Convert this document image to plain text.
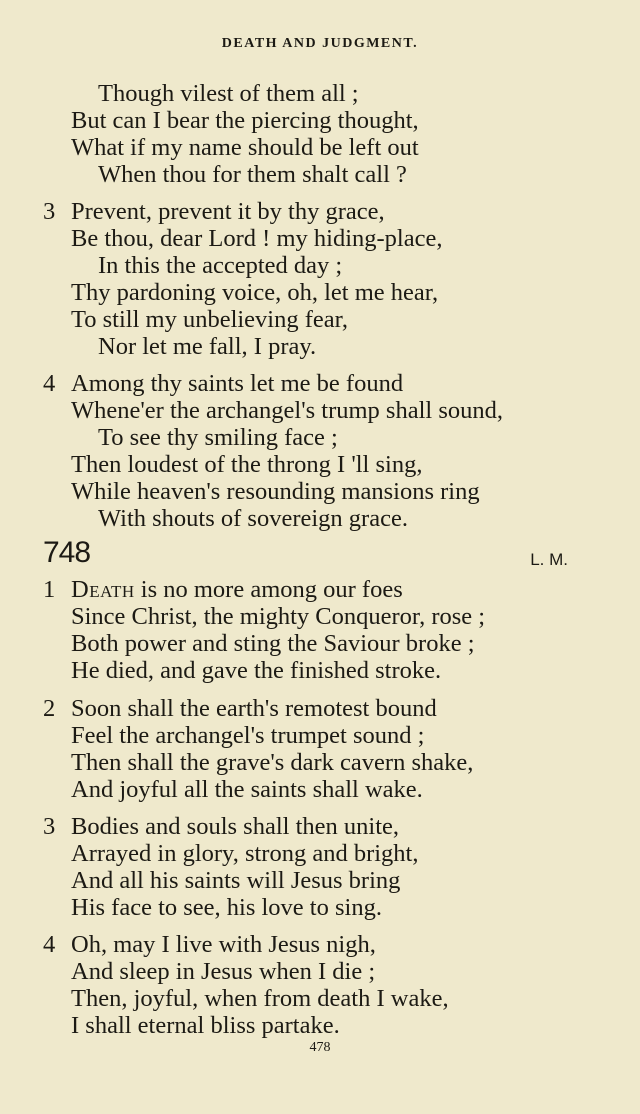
DEATH AND JUDGMENT.
Though vilest of them all ;
But can I bear the piercing thought,
What if my name should be left out
When thou for them shalt call ?
3 Prevent, prevent it by thy grace,
Be thou, dear Lord ! my hiding-place,
In this the accepted day ;
Thy pardoning voice, oh, let me hear,
To still my unbelieving fear,
Nor let me fall, I pray.
4 Among thy saints let me be found
Whene'er the archangel's trump shall sound,
To see thy smiling face ;
Then loudest of the throng I 'll sing,
While heaven's resounding mansions ring
With shouts of sovereign grace.
748	L. M.
1 Death is no more among our foes
Since Christ, the mighty Conqueror, rose ;
Both power and sting the Saviour broke ;
He died, and gave the finished stroke.
2 Soon shall the earth's remotest bound
Feel the archangel's trumpet sound ;
Then shall the grave's dark cavern shake,
And joyful all the saints shall wake.
3 Bodies and souls shall then unite,
Arrayed in glory, strong and bright,
And all his saints will Jesus bring
His face to see, his love to sing.
4 Oh, may I live with Jesus nigh,
And sleep in Jesus when I die ;
Then, joyful, when from death I wake,
I shall eternal bliss partake.
478
